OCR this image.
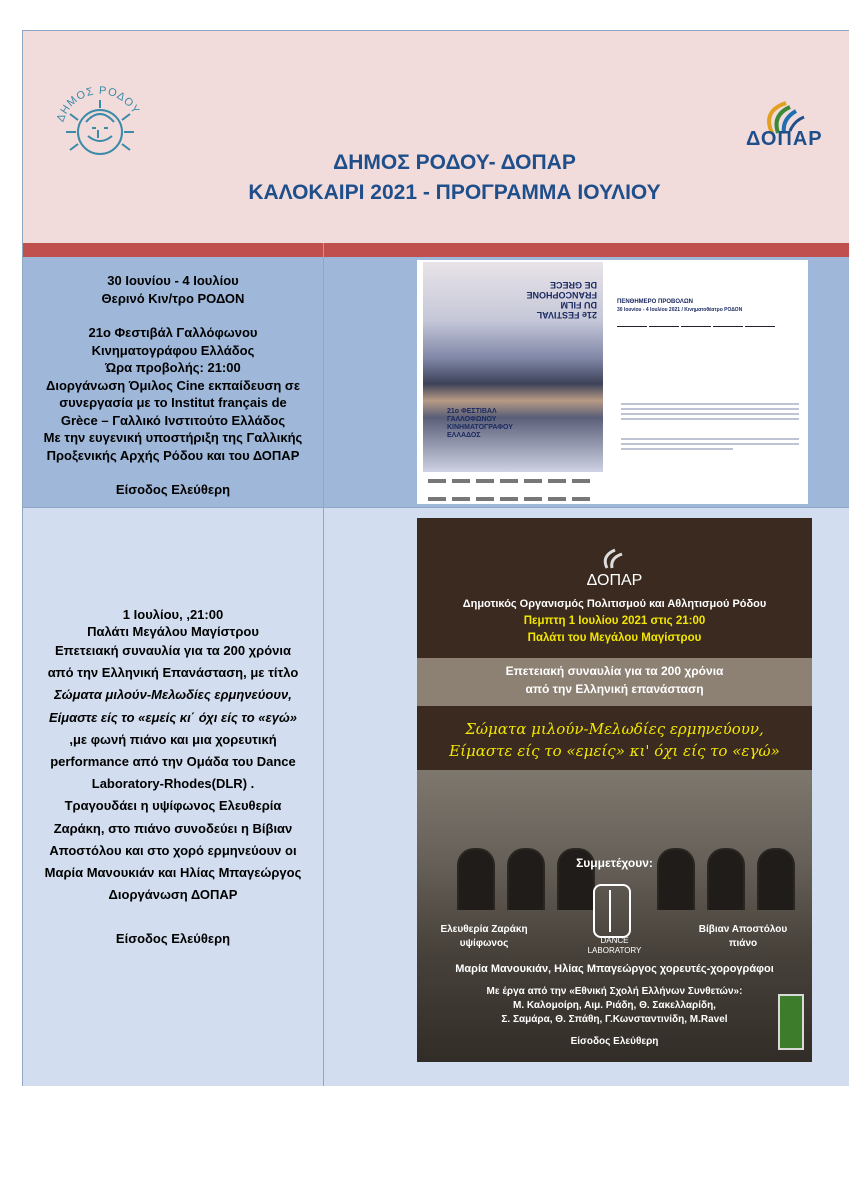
ΔΗΜΟΣ ΡΟΔΟΥ
ΔΟΠΑΡ
ΔΗΜΟΣ ΡΟΔΟΥ- ΔΟΠΑΡ
ΚΑΛΟΚΑΙΡΙ 2021 - ΠΡΟΓΡΑΜΜΑ ΙΟΥΛΙΟΥ

30 Ιουνίου - 4 Ιουλίου

Θερινό Κιν/τρο ΡΟΔΟΝ

21ο Φεστιβάλ Γαλλόφωνου

Κινηματογράφου Ελλάδος

Ώρα προβολής: 21:00

Διοργάνωση Όμιλος Cine εκπαίδευση σε

συνεργασία με το Institut français de

Grèce – Γαλλικό Ινστιτούτο Ελλάδος

Με την ευγενική υποστήριξη της Γαλλικής

Προξενικής Αρχής Ρόδου και του ΔΟΠΑΡ

Είσοδος Ελεύθερη

1 Ιουλίου, ,21:00

Παλάτι Μεγάλου Μαγίστρου

Επετειακή συναυλία για τα 200 χρόνια

από την Ελληνική Επανάσταση, με τίτλο

Σώματα μιλούν-Μελωδίες ερμηνεύουν,

Είμαστε είς το «εμείς κι΄ όχι είς το «εγώ»

,με φωνή πιάνο και μια χορευτική

performance από την Ομάδα του Dance

Laboratory-Rhodes(DLR) .

Τραγουδάει η υψίφωνος Ελευθερία

Ζαράκη, στο πιάνο συνοδεύει η Βίβιαν

Αποστόλου και στο χορό ερμηνεύουν οι

Μαρία Μανουκιάν και Ηλίας Μπαγεώργος

Διοργάνωση ΔΟΠΑΡ

Είσοδος Ελεύθερη

21e FESTIVAL DU FILM FRANCOPHONE DE GRECE
21ο ΦΕΣΤΙΒΑΛ ΓΑΛΛΟΦΩΝΟΥ ΚΙΝΗΜΑΤΟΓΡΑΦΟΥ ΕΛΛΑΔΟΣ

ΠΕΝΘΗΜΕΡΟ ΠΡΟΒΟΛΩΝ
30 Ιουνίου - 4 Ιουλίου 2021 / Κινηματοθέατρο ΡΟΔΟΝ
ΔΟΠΑΡ
Δημοτικός Οργανισμός Πολιτισμού και Αθλητισμού Ρόδου
Πεμπτη 1 Ιουλίου 2021 στις 21:00
Παλάτι του Μεγάλου Μαγίστρου
Επετειακή συναυλία για τα 200 χρόνια
από την Ελληνική επανάσταση
Σώματα μιλούν-Μελωδίες ερμηνεύουν,
Είμαστε είς το «εμείς» κι' όχι είς το «εγώ»
Συμμετέχουν:
DANCE
LABORATORY
Ελευθερία Ζαράκη
υψίφωνος
Βίβιαν Αποστόλου
πιάνο
Μαρία Μανουκιάν, Ηλίας Μπαγεώργος χορευτές-χορογράφοι
Με έργα από την «Εθνική Σχολή Ελλήνων Συνθετών»:
Μ. Καλομοίρη, Αιμ. Ριάδη, Θ. Σακελλαρίδη,
Σ. Σαμάρα, Θ. Σπάθη, Γ.Κωνσταντινίδη, Μ.Ravel
Είσοδος Ελεύθερη
